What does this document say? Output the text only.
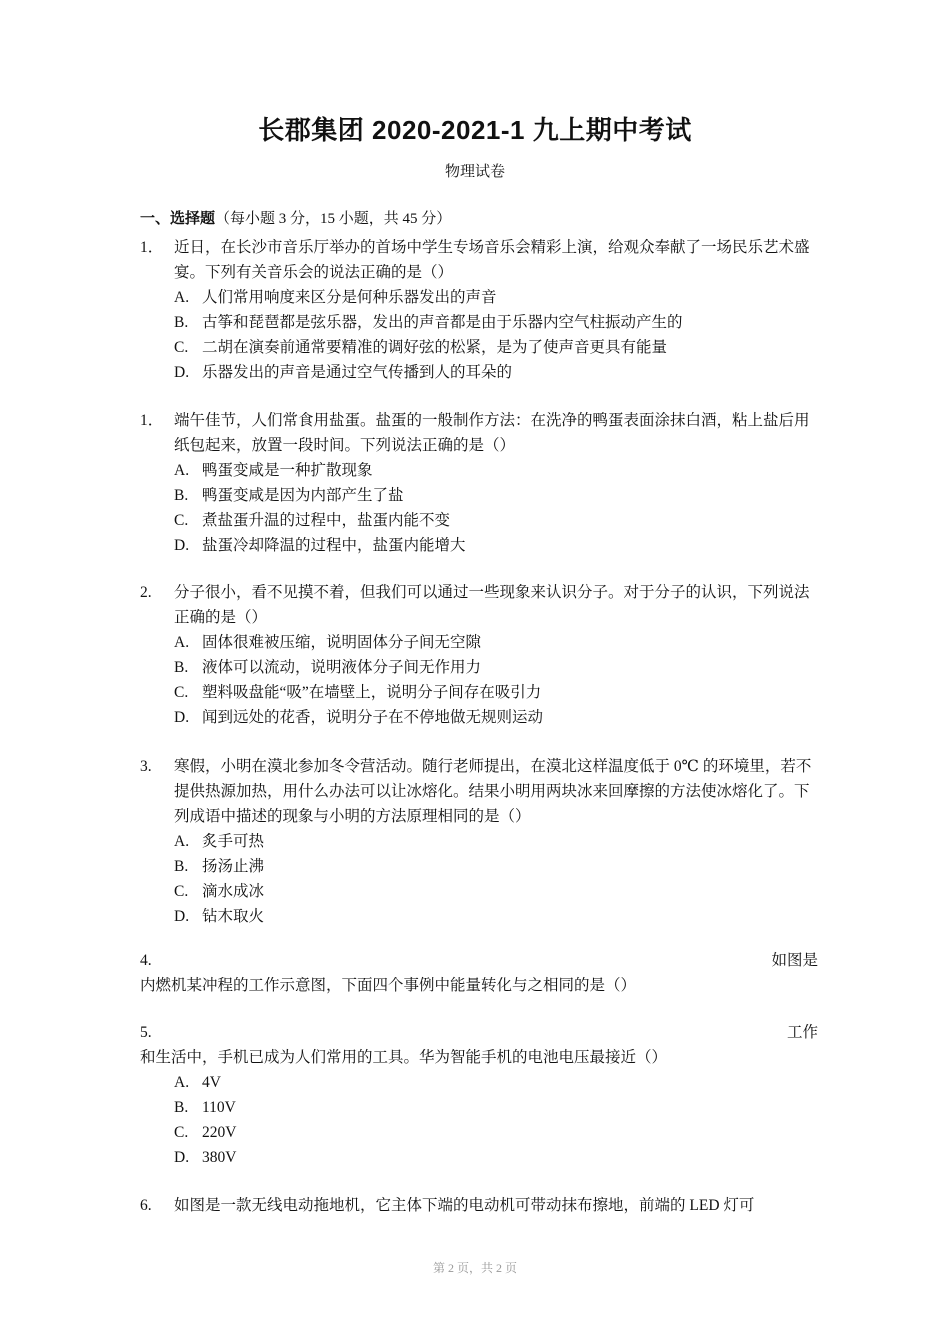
长郡集团 2020-2021-1 九上期中考试
物理试卷
一、选择题（每小题 3 分，15 小题，共 45 分）
1． 近日，在长沙市音乐厅举办的首场中学生专场音乐会精彩上演，给观众奉献了一场民乐艺术盛宴。下列有关音乐会的说法正确的是（）
A. 人们常用响度来区分是何种乐器发出的声音
B. 古筝和琵琶都是弦乐器，发出的声音都是由于乐器内空气柱振动产生的
C. 二胡在演奏前通常要精准的调好弦的松紧，是为了使声音更具有能量
D. 乐器发出的声音是通过空气传播到人的耳朵的
1． 端午佳节，人们常食用盐蛋。盐蛋的一般制作方法：在洗净的鸭蛋表面涂抹白酒，粘上盐后用纸包起来，放置一段时间。下列说法正确的是（）
A. 鸭蛋变咸是一种扩散现象
B. 鸭蛋变咸是因为内部产生了盐
C. 煮盐蛋升温的过程中，盐蛋内能不变
D. 盐蛋冷却降温的过程中，盐蛋内能增大
2.	分子很小，看不见摸不着，但我们可以通过一些现象来认识分子。对于分子的认识，下列说法正确的是（）
A. 固体很难被压缩，说明固体分子间无空隙
B. 液体可以流动，说明液体分子间无作用力
C. 塑料吸盘能“吸”在墙壁上，说明分子间存在吸引力
D. 闻到远处的花香，说明分子在不停地做无规则运动
3.	寒假，小明在漠北参加冬令营活动。随行老师提出，在漠北这样温度低于 0℃ 的环境里，若不提供热源加热，用什么办法可以让冰熔化。结果小明用两块冰来回摩擦的方法使冰熔化了。下列成语中描述的现象与小明的方法原理相同的是（）
A. 炙手可热
B. 扬汤止沸
C. 滴水成冰
D. 钻木取火
4.	如图是
内燃机某冲程的工作示意图，下面四个事例中能量转化与之相同的是（）
5.	工作
和生活中，手机已成为人们常用的工具。华为智能手机的电池电压最接近（）
A. 4V
B. 110V
C. 220V
D. 380V
6.	如图是一款无线电动拖地机，它主体下端的电动机可带动抹布擦地，前端的 LED 灯可
第 2 页，共 2 页
